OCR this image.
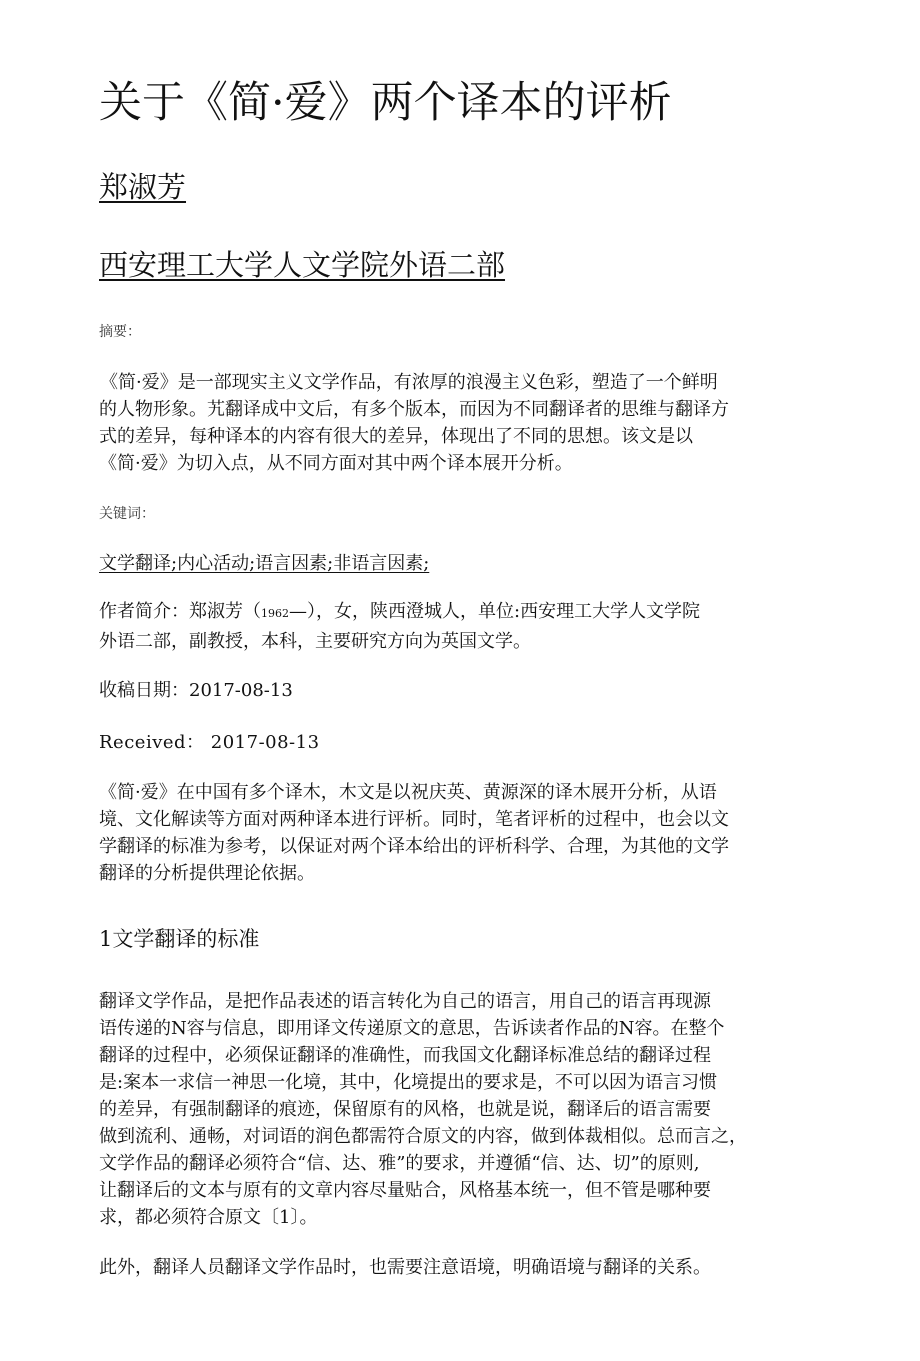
关于《简·爱》两个译本的评析
郑淑芳
西安理工大学人文学院外语二部
摘要：
《简·爱》是一部现实主义文学作品，有浓厚的浪漫主义色彩，塑造了一个鲜明
的人物形象。艽翻译成中文后，有多个版本，而因为不同翻译者的思维与翻译方
式的差异，每种译本的内容有很大的差异，体现出了不同的思想。该文是以
《简·爱》为切入点，从不同方面对其中两个译本展开分析。
关键词：
文学翻译;内心活动;语言因素;非语言因素;
作者简介：郑淑芳（1962—），女，陕西澄城人，单位:西安理工大学人文学院
外语二部，副教授，本科，主要研究方向为英国文学。
收稿日期：2017-08-13
Received： 2017-08-13
《简·爱》在中国有多个译木，木文是以祝庆英、黄源深的译木展开分析，从语
境、文化解读等方面对两种译本进行评析。同时，笔者评析的过程中，也会以文
学翻译的标准为参考，以保证对两个译本给出的评析科学、合理，为其他的文学
翻译的分析提供理论依据。
1文学翻译的标准
翻译文学作品，是把作品表述的语言转化为自己的语言，用自己的语言再现源
语传递的N容与信息，即用译文传递原文的意思，告诉读者作品的N容。在整个
翻译的过程中，必须保证翻译的准确性，而我国文化翻译标准总结的翻译过程
是:案本一求信一神思一化境，其中，化境提出的要求是，不可以因为语言习惯
的差异，有强制翻译的痕迹，保留原有的风格，也就是说，翻译后的语言需要
做到流利、通畅，对词语的润色都需符合原文的内容，做到体裁相似。总而言之，
文学作品的翻译必须符合“信、达、雅”的要求，并遵循“信、达、切”的原则,
让翻译后的文本与原有的文章内容尽量贴合，风格基本统一，但不管是哪种要
求，都必须符合原文〔1〕。
此外，翻译人员翻译文学作品时，也需要注意语境，明确语境与翻译的关系。
